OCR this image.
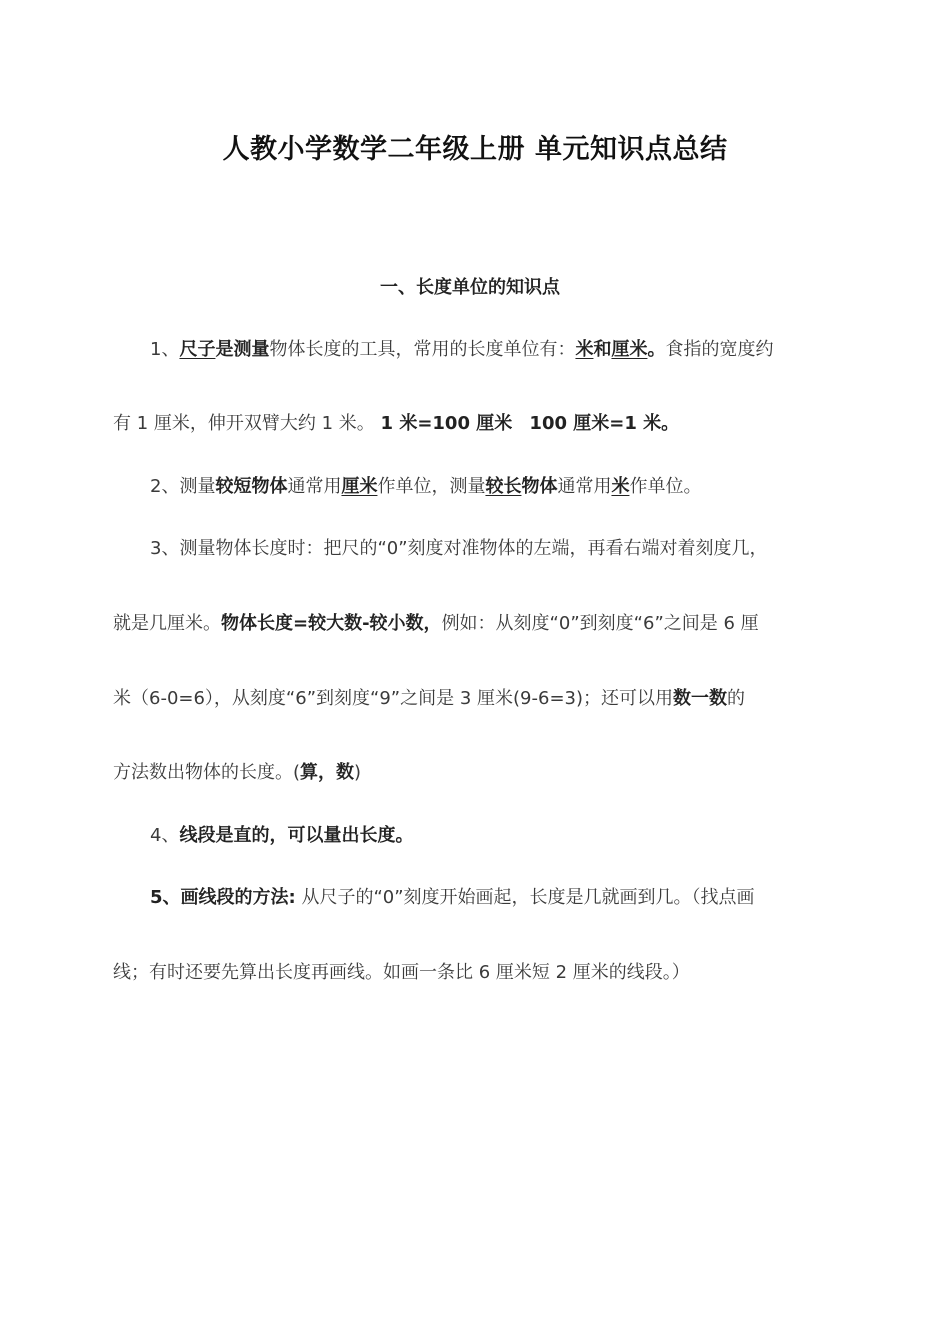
人教小学数学二年级上册 单元知识点总结
一、长度单位的知识点
1、尺子是测量物体长度的工具，常用的长度单位有：米和厘米。食指的宽度约
有 1 厘米，伸开双臂大约 1 米。 1 米=100 厘米 100 厘米=1 米。
2、测量较短物体通常用厘米作单位，测量较长物体通常用米作单位。
3、测量物体长度时：把尺的“0”刻度对准物体的左端，再看右端对着刻度几，
就是几厘米。物体长度=较大数-较小数，例如：从刻度“0”到刻度“6”之间是 6 厘
米（6-0=6），从刻度“6”到刻度“9”之间是 3 厘米(9-6=3)；还可以用数一数的
方法数出物体的长度。(算，数)
4、线段是直的，可以量出长度。
5、画线段的方法: 从尺子的“0”刻度开始画起，长度是几就画到几。（找点画
线；有时还要先算出长度再画线。如画一条比 6 厘米短 2 厘米的线段。）
